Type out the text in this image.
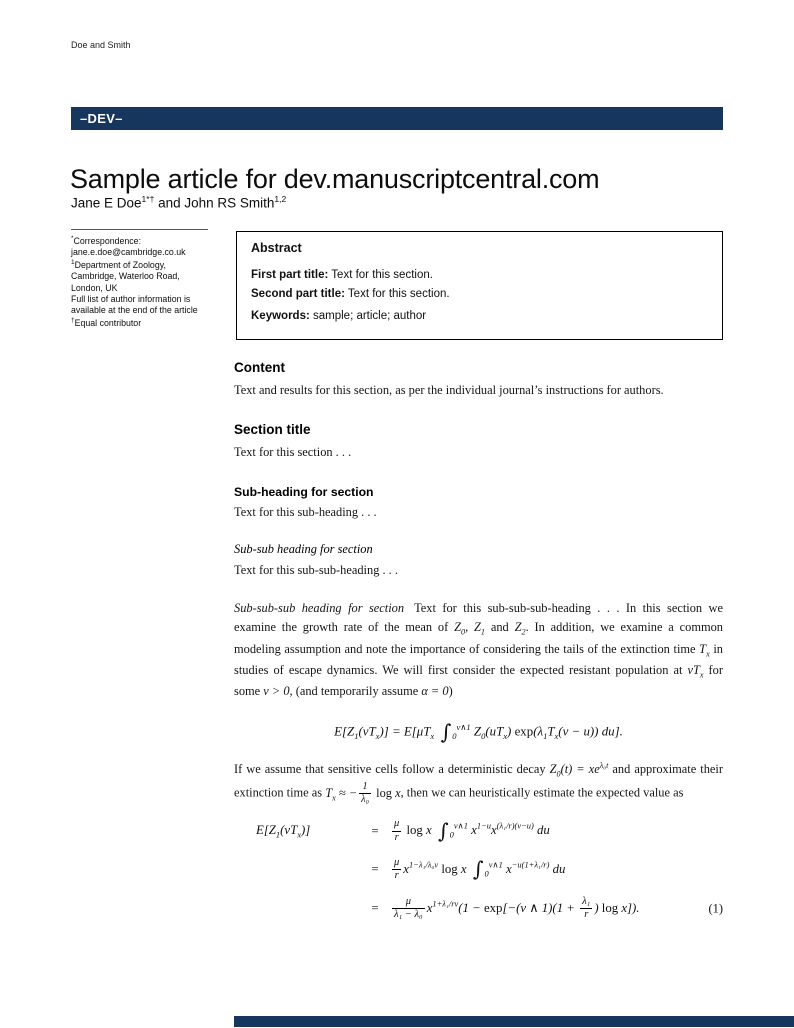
Doe and Smith
–DEV–
Sample article for dev.manuscriptcentral.com
Jane E Doe$^{1*\dagger}$ and John RS Smith$^{1,2}$
*Correspondence:
jane.e.doe@cambridge.co.uk
$^1$Department of Zoology,
Cambridge, Waterloo Road,
London, UK
Full list of author information is
available at the end of the article
†Equal contributor
Abstract

First part title: Text for this section.

Second part title: Text for this section.

Keywords: sample; article; author

Content

Text and results for this section, as per the individual journal’s instructions for authors.

Section title

Text for this section . . .

Sub-heading for section

Text for this sub-heading . . .

Sub-sub heading for section

Text for this sub-sub-heading . . .

Sub-sub-sub heading for section Text for this sub-sub-sub-heading . . . In this section we examine the growth rate of the mean of $Z_0$, $Z_1$ and $Z_2$. In addition, we examine a common modeling assumption and note the importance of considering the tails of the extinction time $T_x$ in studies of escape dynamics. We will first consider the expected resistant population at $vT_x$ for some v > 0, (and temporarily assume α = 0)

$E[Z_1(vT_x)] = E[\mu T_x$ $\int_0^{v\wedge 1}$ $Z_0(uT_x) \exp(\lambda_1T_x(v - u))$ du].

If we assume that sensitive cells follow a deterministic decay $Z_0(t) = xe^{\lambda_0t}$ and approximate their extinction time as $T_x$ ≈ − $\frac{1}{\text{λ₀}}$ log x, then we can heuristically estimate the expected value as

$E[Z_1(vT_x)]$	=	$\frac{\mu}{r}$ log x $\int_0^{v\wedge 1}$ $x^{1-u}x^{(\lambda_1/r)(v-u)}$ du
=	$\frac{\mu}{r} x^{1-\lambda_1/\lambda_0v}$ log x $\int_0^{v\wedge 1}$ $x^{-u(1+\lambda_1/r)}$ du
=	$\frac{\mu}{\text{λ₁ − λ₀}} x^{1+\lambda_1/rv}(1 - \exp[-(v$ ∧ $1)(1 + \frac{\text{λ₁}}{r}$ ) log x]).	(1)
